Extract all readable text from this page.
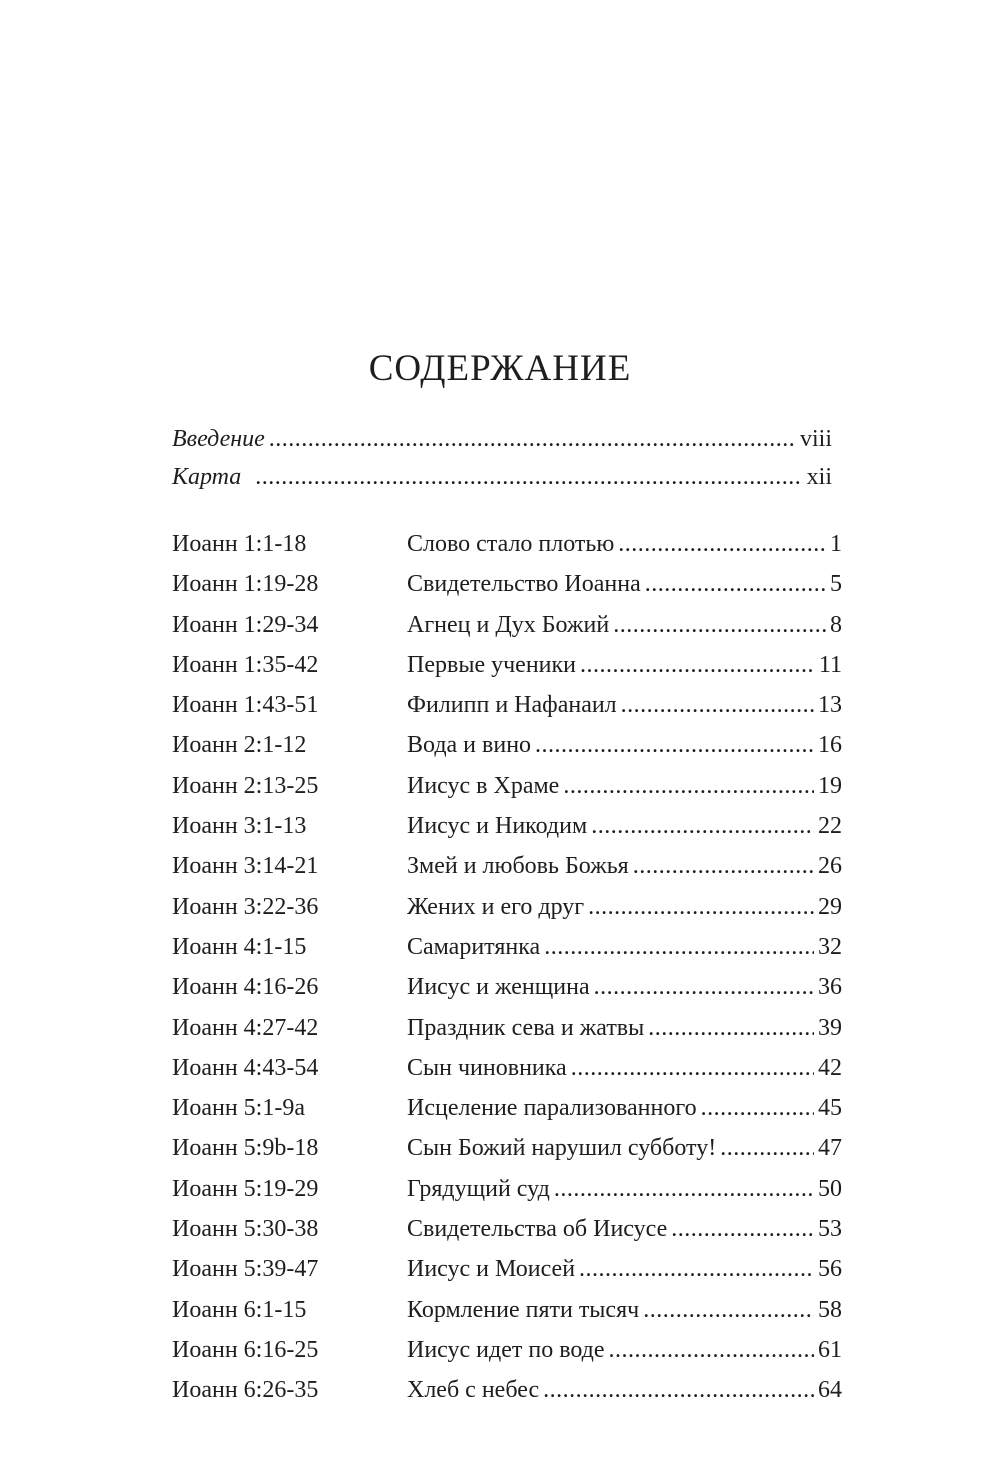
СОДЕРЖАНИЕ
Введение .....	viii
Карта .....	xii
Иоанн 1:1-18	Слово стало плотью .....	1
Иоанн 1:19-28	Свидетельство Иоанна .....	5
Иоанн 1:29-34	Агнец и Дух Божий .....	8
Иоанн 1:35-42	Первые ученики .....	11
Иоанн 1:43-51	Филипп и Нафанаил .....	13
Иоанн 2:1-12	Вода и вино .....	16
Иоанн 2:13-25	Иисус в Храме .....	19
Иоанн 3:1-13	Иисус и Никодим .....	22
Иоанн 3:14-21	Змей и любовь Божья .....	26
Иоанн 3:22-36	Жених и его друг .....	29
Иоанн 4:1-15	Самаритянка .....	32
Иоанн 4:16-26	Иисус и женщина .....	36
Иоанн 4:27-42	Праздник сева и жатвы .....	39
Иоанн 4:43-54	Сын чиновника .....	42
Иоанн 5:1-9а	Исцеление парализованного .....	45
Иоанн 5:9b-18	Сын Божий нарушил субботу! .....	47
Иоанн 5:19-29	Грядущий суд .....	50
Иоанн 5:30-38	Свидетельства об Иисусе .....	53
Иоанн 5:39-47	Иисус и Моисей .....	56
Иоанн 6:1-15	Кормление пяти тысяч .....	58
Иоанн 6:16-25	Иисус идет по воде .....	61
Иоанн 6:26-35	Хлеб с небес .....	64
